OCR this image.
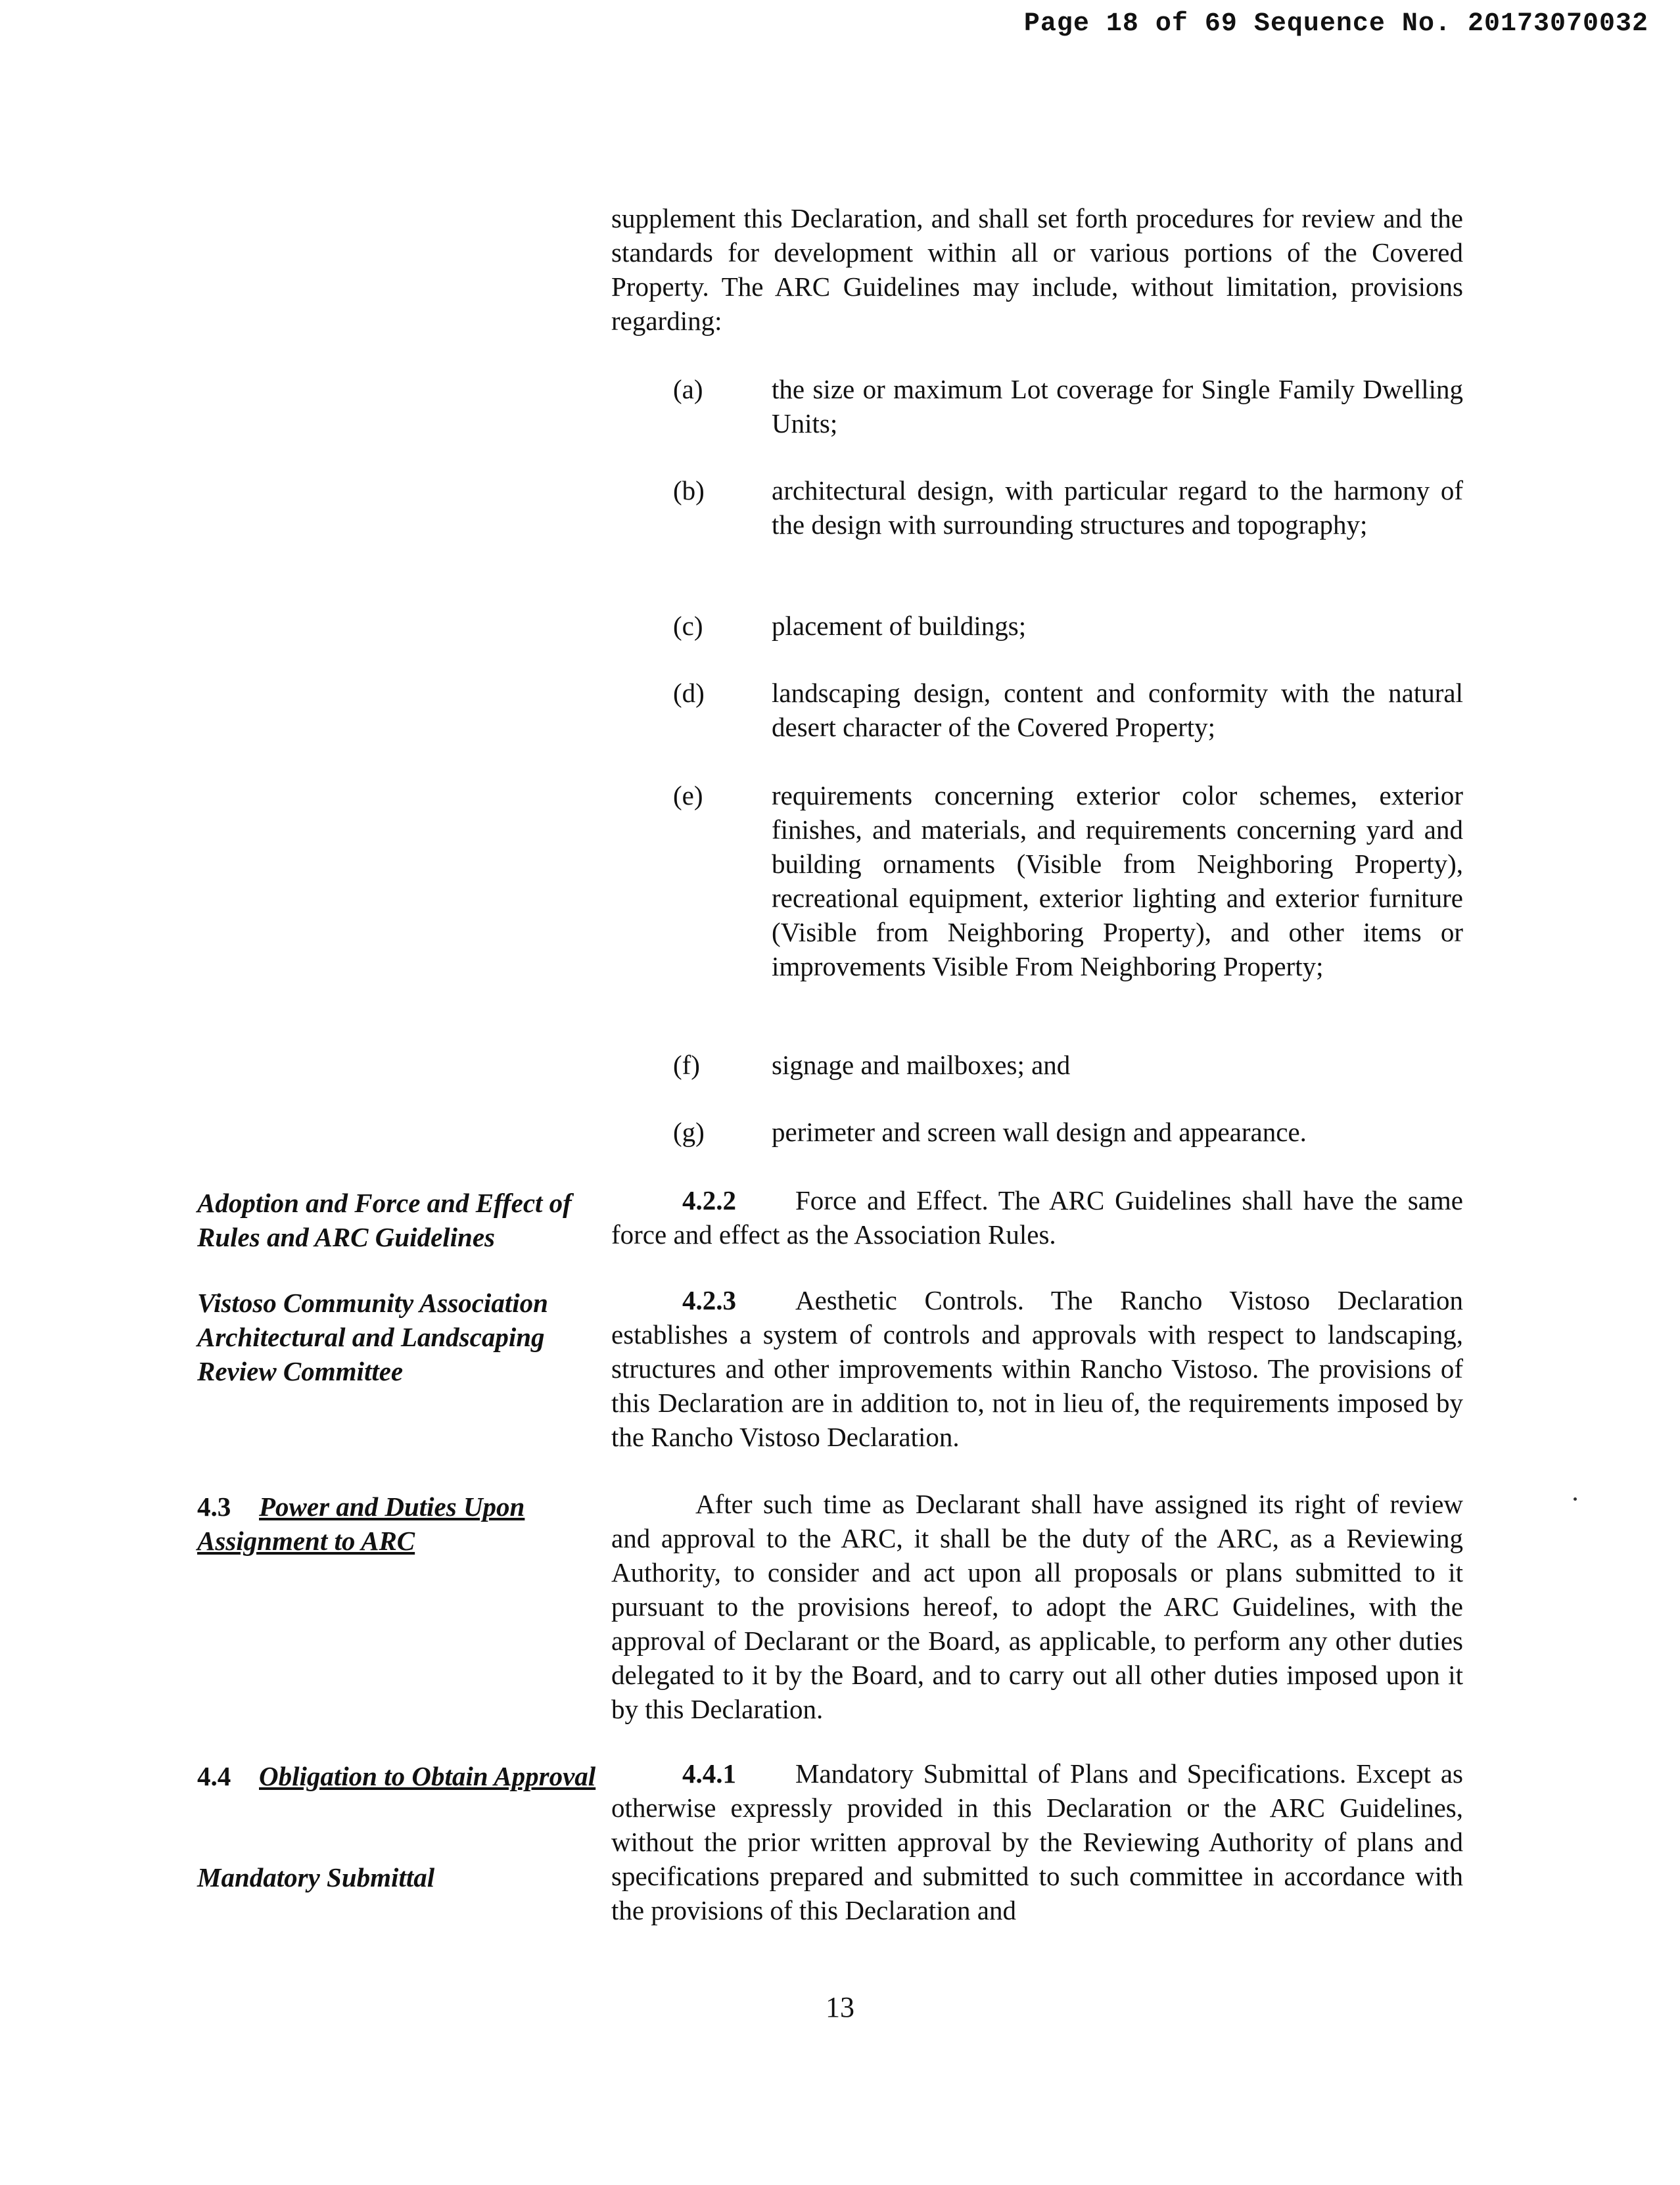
Page 18 of 69 Sequence No. 20173070032
supplement this Declaration, and shall set forth procedures for review and the standards for development within all or various portions of the Covered Property. The ARC Guidelines may include, without limitation, provisions regarding:
(a)	the size or maximum Lot coverage for Single Family Dwelling Units;
(b)	architectural design, with particular regard to the harmony of the design with surrounding structures and topography;
(c)	placement of buildings;
(d)	landscaping design, content and conformity with the natural desert character of the Covered Property;
(e)	requirements concerning exterior color schemes, exterior finishes, and materials, and requirements concerning yard and building ornaments (Visible from Neighboring Property), recreational equipment, exterior lighting and exterior furniture (Visible from Neighboring Property), and other items or improvements Visible From Neighboring Property;
(f)	signage and mailboxes; and
(g)	perimeter and screen wall design and appearance.
Adoption and Force and Effect of Rules and ARC Guidelines
4.2.2 Force and Effect. The ARC Guidelines shall have the same force and effect as the Association Rules.
Vistoso Community Association Architectural and Landscaping Review Committee
4.2.3 Aesthetic Controls. The Rancho Vistoso Declaration establishes a system of controls and approvals with respect to landscaping, structures and other improvements within Rancho Vistoso. The provisions of this Declaration are in addition to, not in lieu of, the requirements imposed by the Rancho Vistoso Declaration.
4.3 Power and Duties Upon Assignment to ARC
After such time as Declarant shall have assigned its right of review and approval to the ARC, it shall be the duty of the ARC, as a Reviewing Authority, to consider and act upon all proposals or plans submitted to it pursuant to the provisions hereof, to adopt the ARC Guidelines, with the approval of Declarant or the Board, as applicable, to perform any other duties delegated to it by the Board, and to carry out all other duties imposed upon it by this Declaration.
4.4 Obligation to Obtain Approval
Mandatory Submittal
4.4.1 Mandatory Submittal of Plans and Specifications. Except as otherwise expressly provided in this Declaration or the ARC Guidelines, without the prior written approval by the Reviewing Authority of plans and specifications prepared and submitted to such committee in accordance with the provisions of this Declaration and
13
